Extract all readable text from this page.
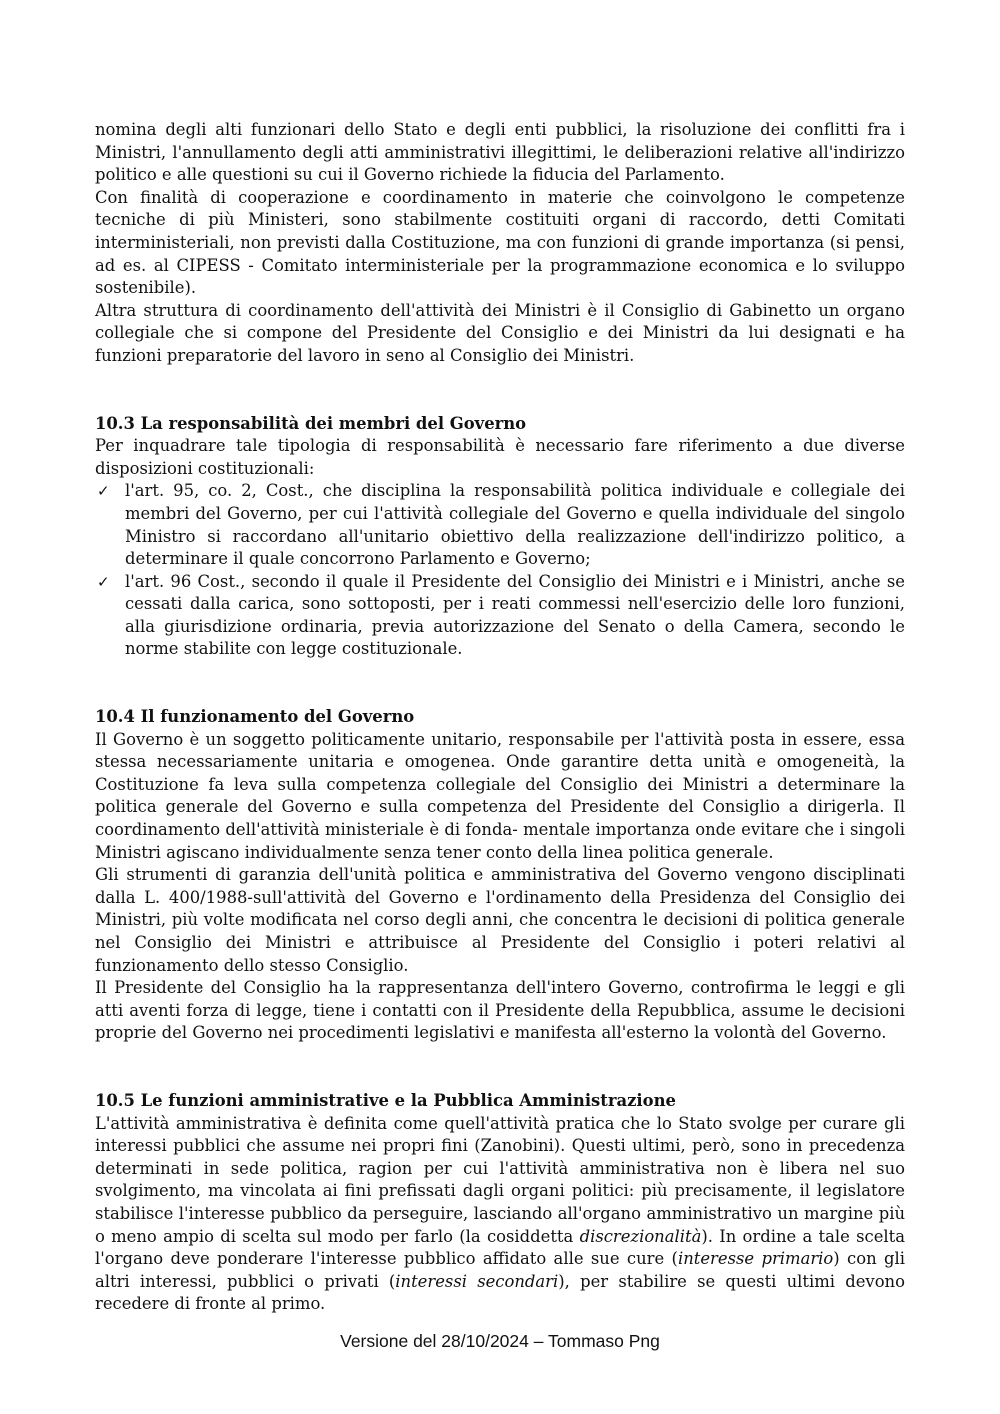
nomina degli alti funzionari dello Stato e degli enti pubblici, la risoluzione dei conflitti fra i Ministri, l'annullamento degli atti amministrativi illegittimi, le deliberazioni relative all'indirizzo politico e alle questioni su cui il Governo richiede la fiducia del Parlamento.

Con finalità di cooperazione e coordinamento in materie che coinvolgono le competenze tecniche di più Ministeri, sono stabilmente costituiti organi di raccordo, detti Comitati interministeriali, non previsti dalla Costituzione, ma con funzioni di grande importanza (si pensi, ad es. al CIPESS - Comitato interministeriale per la programmazione economica e lo sviluppo sostenibile).

Altra struttura di coordinamento dell'attività dei Ministri è il Consiglio di Gabinetto un organo collegiale che si compone del Presidente del Consiglio e dei Ministri da lui designati e ha funzioni preparatorie del lavoro in seno al Consiglio dei Ministri.

10.3 La responsabilità dei membri del Governo

Per inquadrare tale tipologia di responsabilità è necessario fare riferimento a due diverse disposizioni costituzionali:

✓ l'art. 95, co. 2, Cost., che disciplina la responsabilità politica individuale e collegiale dei membri del Governo, per cui l'attività collegiale del Governo e quella individuale del singolo Ministro si raccordano all'unitario obiettivo della realizzazione dell'indirizzo politico, a determinare il quale concorrono Parlamento e Governo;
✓ l'art. 96 Cost., secondo il quale il Presidente del Consiglio dei Ministri e i Ministri, anche se cessati dalla carica, sono sottoposti, per i reati commessi nell'esercizio delle loro funzioni, alla giurisdizione ordinaria, previa autorizzazione del Senato o della Camera, secondo le norme stabilite con legge costituzionale.
10.4 Il funzionamento del Governo

Il Governo è un soggetto politicamente unitario, responsabile per l'attività posta in essere, essa stessa necessariamente unitaria e omogenea. Onde garantire detta unità e omogeneità, la Costituzione fa leva sulla competenza collegiale del Consiglio dei Ministri a determinare la politica generale del Governo e sulla competenza del Presidente del Consiglio a dirigerla. Il coordinamento dell'attività ministeriale è di fonda- mentale importanza onde evitare che i singoli Ministri agiscano individualmente senza tener conto della linea politica generale.

Gli strumenti di garanzia dell'unità politica e amministrativa del Governo vengono disciplinati dalla L. 400/1988-sull'attività del Governo e l'ordinamento della Presidenza del Consiglio dei Ministri, più volte modificata nel corso degli anni, che concentra le decisioni di politica generale nel Consiglio dei Ministri e attribuisce al Presidente del Consiglio i poteri relativi al funzionamento dello stesso Consiglio.

Il Presidente del Consiglio ha la rappresentanza dell'intero Governo, controfirma le leggi e gli atti aventi forza di legge, tiene i contatti con il Presidente della Repubblica, assume le decisioni proprie del Governo nei procedimenti legislativi e manifesta all'esterno la volontà del Governo.

10.5 Le funzioni amministrative e la Pubblica Amministrazione

L'attività amministrativa è definita come quell'attività pratica che lo Stato svolge per curare gli interessi pubblici che assume nei propri fini (Zanobini). Questi ultimi, però, sono in precedenza determinati in sede politica, ragion per cui l'attività amministrativa non è libera nel suo svolgimento, ma vincolata ai fini prefissati dagli organi politici: più precisamente, il legislatore stabilisce l'interesse pubblico da perseguire, lasciando all'organo amministrativo un margine più o meno ampio di scelta sul modo per farlo (la cosiddetta discrezionalità). In ordine a tale scelta l'organo deve ponderare l'interesse pubblico affidato alle sue cure (interesse primario) con gli altri interessi, pubblici o privati (interessi secondari), per stabilire se questi ultimi devono recedere di fronte al primo.

Versione del 28/10/2024 – Tommaso Png
